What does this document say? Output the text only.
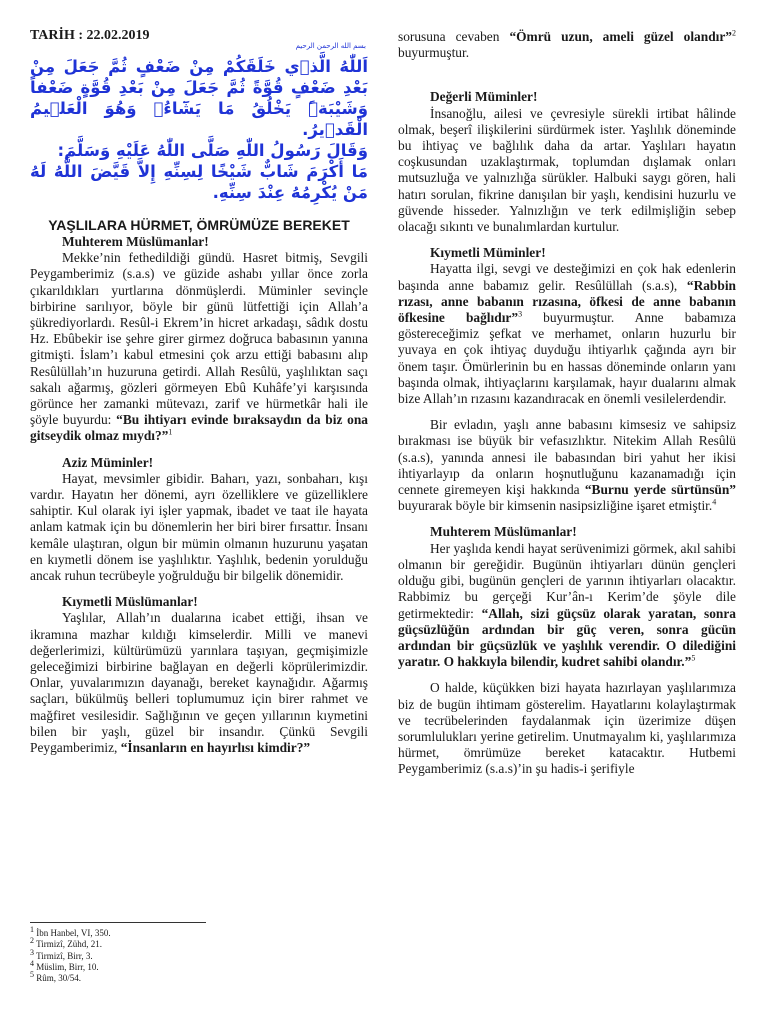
TARİH : 22.02.2019
بسم الله الرحمن الرحيم

اَللّٰهُ الَّذ۪ي خَلَقَكُمْ مِنْ ضَعْفٍ ثُمَّ جَعَلَ مِنْ بَعْدِ ضَعْفٍ قُوَّةً ثُمَّ جَعَلَ مِنْ بَعْدِ قُوَّةٍ ضَعْفاً وَشَيْبَةًۜ يَخْلُقُ مَا يَشَٓاءُۚ وَهُوَ الْعَل۪يمُ الْقَد۪يرُ.

وَقَالَ رَسُولُ اللّٰهِ صَلَّى اللّٰهُ عَلَيْهِ وَسَلَّمَ:

مَا أَكْرَمَ شَابٌّ شَيْخًا لِسِنِّهِ إِلاَّ قَيَّضَ اللَّهُ لَهُ مَنْ يُكْرِمُهُ عِنْدَ سِنِّهِ.

YAŞLILARA HÜRMET, ÖMRÜMÜZE BEREKET
Muhterem Müslümanlar!

Mekke’nin fethedildiği gündü. Hasret bitmiş, Sevgili Peygamberimiz (s.a.s) ve güzide ashabı yıllar önce zorla çıkarıldıkları yurtlarına dönmüşlerdi. Müminler sevinçle birbirine sarılıyor, böyle bir günü lütfettiği için Allah’a şükrediyorlardı. Resûl-i Ekrem’in hicret arkadaşı, sâdık dostu Hz. Ebûbekir ise şehre girer girmez doğruca babasının yanına gitmişti. İslam’ı kabul etmesini çok arzu ettiği babasını alıp Resûlüllah’ın huzuruna getirdi. Allah Resûlü, yaşlılıktan saçı sakalı ağarmış, gözleri görmeyen Ebû Kuhâfe’yi karşısında görünce her zamanki mütevazı, zarif ve hürmetkâr hali ile şöyle buyurdu: “Bu ihtiyarı evinde bıraksaydın da biz ona gitseydik olmaz mıydı?”$^1$

Aziz Müminler!

Hayat, mevsimler gibidir. Baharı, yazı, sonbaharı, kışı vardır. Hayatın her dönemi, ayrı özelliklere ve güzelliklere sahiptir. Kul olarak iyi işler yapmak, ibadet ve taat ile hayata anlam katmak için bu dönemlerin her biri birer fırsattır. İnsanı kemâle ulaştıran, olgun bir mümin olmanın huzurunu yaşatan en kıymetli dönem ise yaşlılıktır. Yaşlılık, bedenin yorulduğu ancak ruhun tecrübeyle yoğrulduğu bir bilgelik dönemidir.

Kıymetli Müslümanlar!

Yaşlılar, Allah’ın dualarına icabet ettiği, ihsan ve ikramına mazhar kıldığı kimselerdir. Milli ve manevi değerlerimizi, kültürümüzü yarınlara taşıyan, geçmişimizle geleceğimizi birbirine bağlayan en değerli köprülerimizdir. Onlar, yuvalarımızın dayanağı, bereket kaynağıdır. Ağarmış saçları, bükülmüş belleri toplumumuz için birer rahmet ve mağfiret vesilesidir. Sağlığının ve geçen yıllarının kıymetini bilen bir yaşlı, güzel bir insandır. Çünkü Sevgili Peygamberimiz, “İnsanların en hayırlısı kimdir?”

sorusuna cevaben “Ömrü uzun, ameli güzel olandır”$^2$ buyurmuştur.

Değerli Müminler!

İnsanoğlu, ailesi ve çevresiyle sürekli irtibat hâlinde olmak, beşerî ilişkilerini sürdürmek ister. Yaşlılık döneminde bu ihtiyaç ve bağlılık daha da artar. Yaşlıları hayatın coşkusundan uzaklaştırmak, toplumdan dışlamak onları mutsuzluğa ve yalnızlığa sürükler. Halbuki saygı gören, hali hatırı sorulan, fikrine danışılan bir yaşlı, kendisini huzurlu ve güvende hisseder. Yalnızlığın ve terk edilmişliğin sebep olacağı sıkıntı ve bunalımlardan kurtulur.

Kıymetli Müminler!

Hayatta ilgi, sevgi ve desteğimizi en çok hak edenlerin başında anne babamız gelir. Resûlüllah (s.a.s), “Rabbin rızası, anne babanın rızasına, öfkesi de anne babanın öfkesine bağlıdır”$^3$ buyurmuştur. Anne babamıza göstereceğimiz şefkat ve merhamet, onların huzurlu bir yuvaya en çok ihtiyaç duyduğu ihtiyarlık çağında ayrı bir önem taşır. Ömürlerinin bu en hassas döneminde onların yanı başında olmak, ihtiyaçlarını karşılamak, hayır dualarını almak bize Allah’ın rızasını kazandıracak en önemli vesilelerdendir.

Bir evladın, yaşlı anne babasını kimsesiz ve sahipsiz bırakması ise büyük bir vefasızlıktır. Nitekim Allah Resûlü (s.a.s), yanında annesi ile babasından biri yahut her ikisi ihtiyarlayıp da onların hoşnutluğunu kazanamadığı için cennete giremeyen kişi hakkında “Burnu yerde sürtünsün” buyurarak böyle bir kimsenin nasipsizliğine işaret etmiştir.$^4$

Muhterem Müslümanlar!

Her yaşlıda kendi hayat serüvenimizi görmek, akıl sahibi olmanın bir gereğidir. Bugünün ihtiyarları dünün gençleri olduğu gibi, bugünün gençleri de yarının ihtiyarları olacaktır. Rabbimiz bu gerçeği Kur’ân-ı Kerim’de şöyle dile getirmektedir: “Allah, sizi güçsüz olarak yaratan, sonra güçsüzlüğün ardından bir güç veren, sonra gücün ardından bir güçsüzlük ve yaşlılık verendir. O dilediğini yaratır. O hakkıyla bilendir, kudret sahibi olandır.”$^5$

O halde, küçükken bizi hayata hazırlayan yaşlılarımıza biz de bugün ihtimam gösterelim. Hayatlarını kolaylaştırmak ve tecrübelerinden faydalanmak için üzerimize düşen sorumlulukları yerine getirelim. Unutmayalım ki, yaşlılarımıza hürmet, ömrümüze bereket katacaktır. Hutbemi Peygamberimiz (s.a.s)’in şu hadis-i şerifiyle

$^1$ İbn Hanbel, VI, 350.
$^2$ Tirmizî, Zühd, 21.
$^3$ Tirmizî, Birr, 3.
$^4$ Müslim, Birr, 10.
$^5$ Rûm, 30/54.
